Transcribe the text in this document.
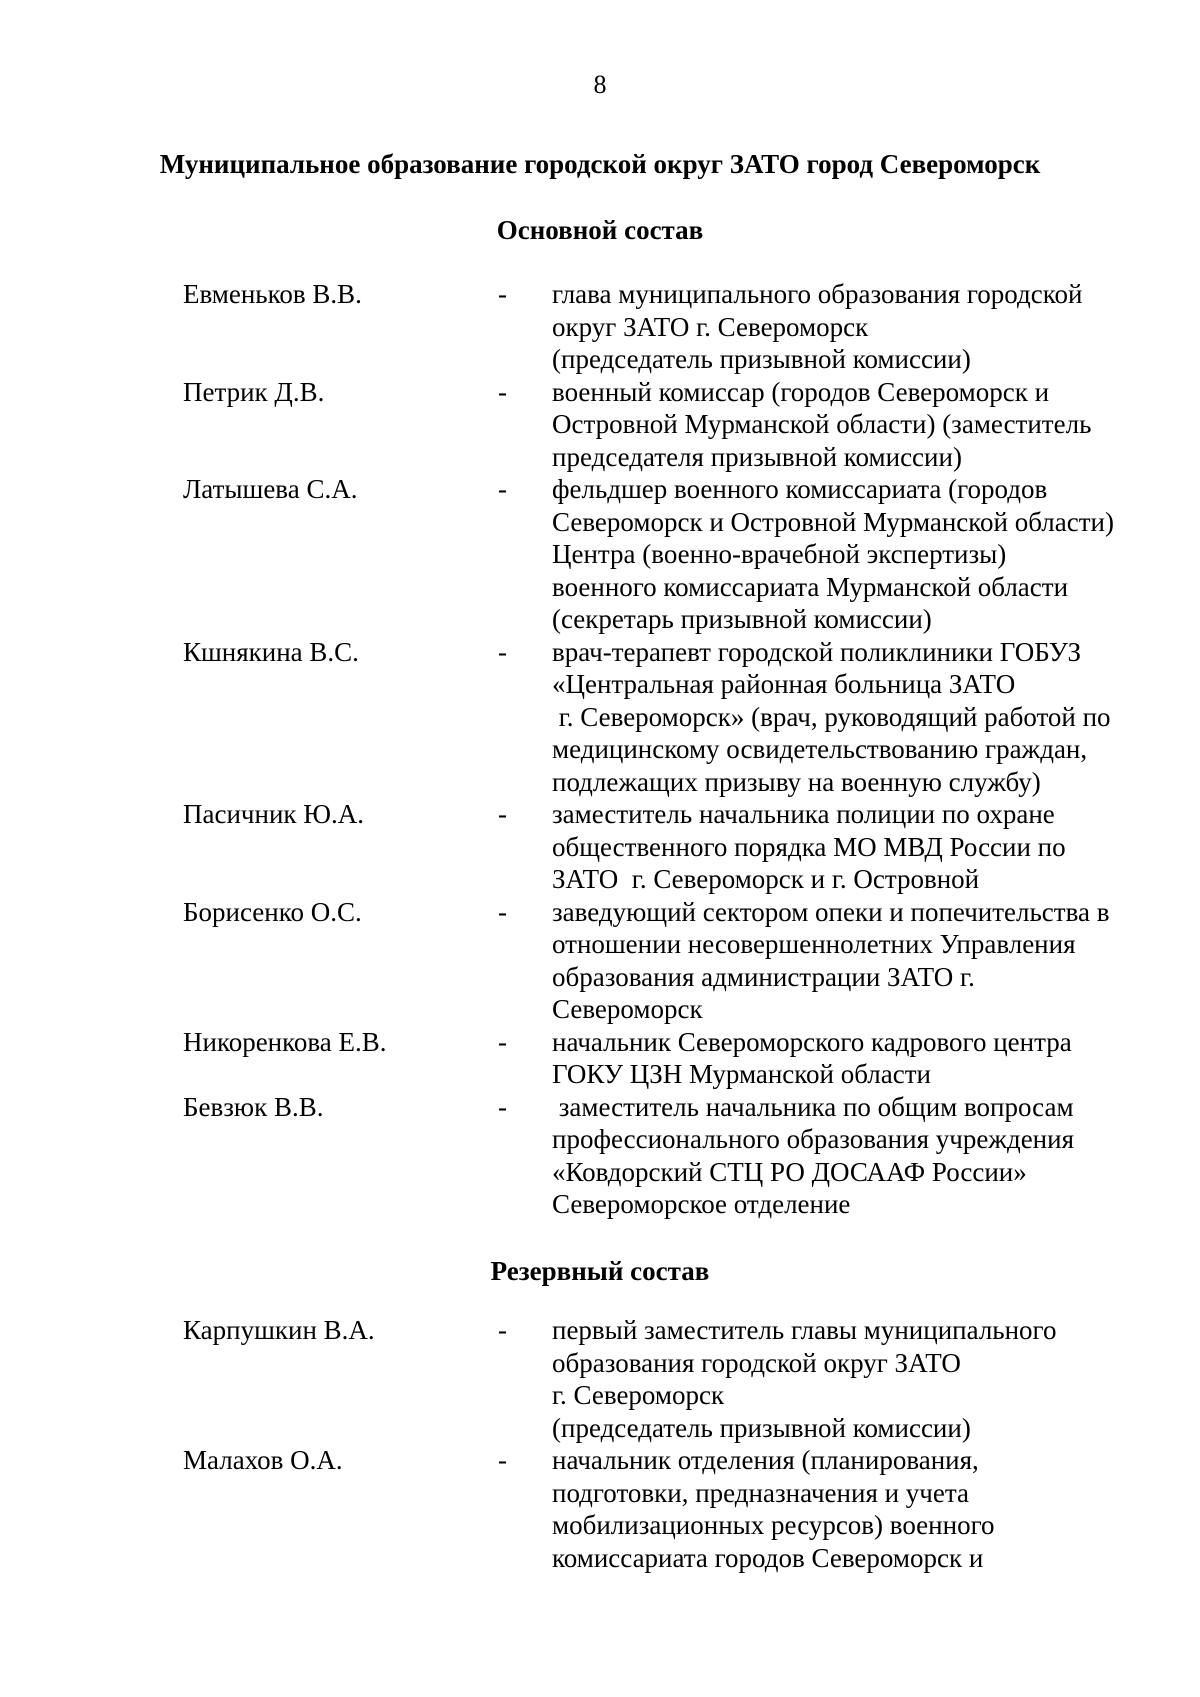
8
Муниципальное образование городской округ ЗАТО город Североморск
Основной состав
Евменьков В.В.	- глава муниципального образования городской
округ ЗАТО г. Североморск
(председатель призывной комиссии)
Петрик Д.В.	- военный комиссар (городов Североморск и
Островной Мурманской области) (заместитель
председателя призывной комиссии)
Латышева С.А.	- фельдшер военного комиссариата (городов
Североморск и Островной Мурманской области)
Центра (военно-врачебной экспертизы)
военного комиссариата Мурманской области
(секретарь призывной комиссии)
Кшнякина В.С.	- врач-терапевт городской поликлиники ГОБУЗ
«Центральная районная больница ЗАТО
г. Североморск» (врач, руководящий работой по
медицинскому освидетельствованию граждан,
подлежащих призыву на военную службу)
Пасичник Ю.А.	- заместитель начальника полиции по охране
общественного порядка МО МВД России по
ЗАТО  г. Североморск и г. Островной
Борисенко О.С.	- заведующий сектором опеки и попечительства в
отношении несовершеннолетних Управления
образования администрации ЗАТО г.
Североморск
Никоренкова Е.В.	- начальник Североморского кадрового центра
ГОКУ ЦЗН Мурманской области
Бевзюк В.В.	- заместитель начальника по общим вопросам
профессионального образования учреждения
«Ковдорский СТЦ РО ДОСААФ России»
Североморское отделение
Резервный состав
Карпушкин В.А.	- первый заместитель главы муниципального
образования городской округ ЗАТО
г. Североморск
(председатель призывной комиссии)
Малахов О.А.	- начальник отделения (планирования,
подготовки, предназначения и учета
мобилизационных ресурсов) военного
комиссариата городов Североморск и
